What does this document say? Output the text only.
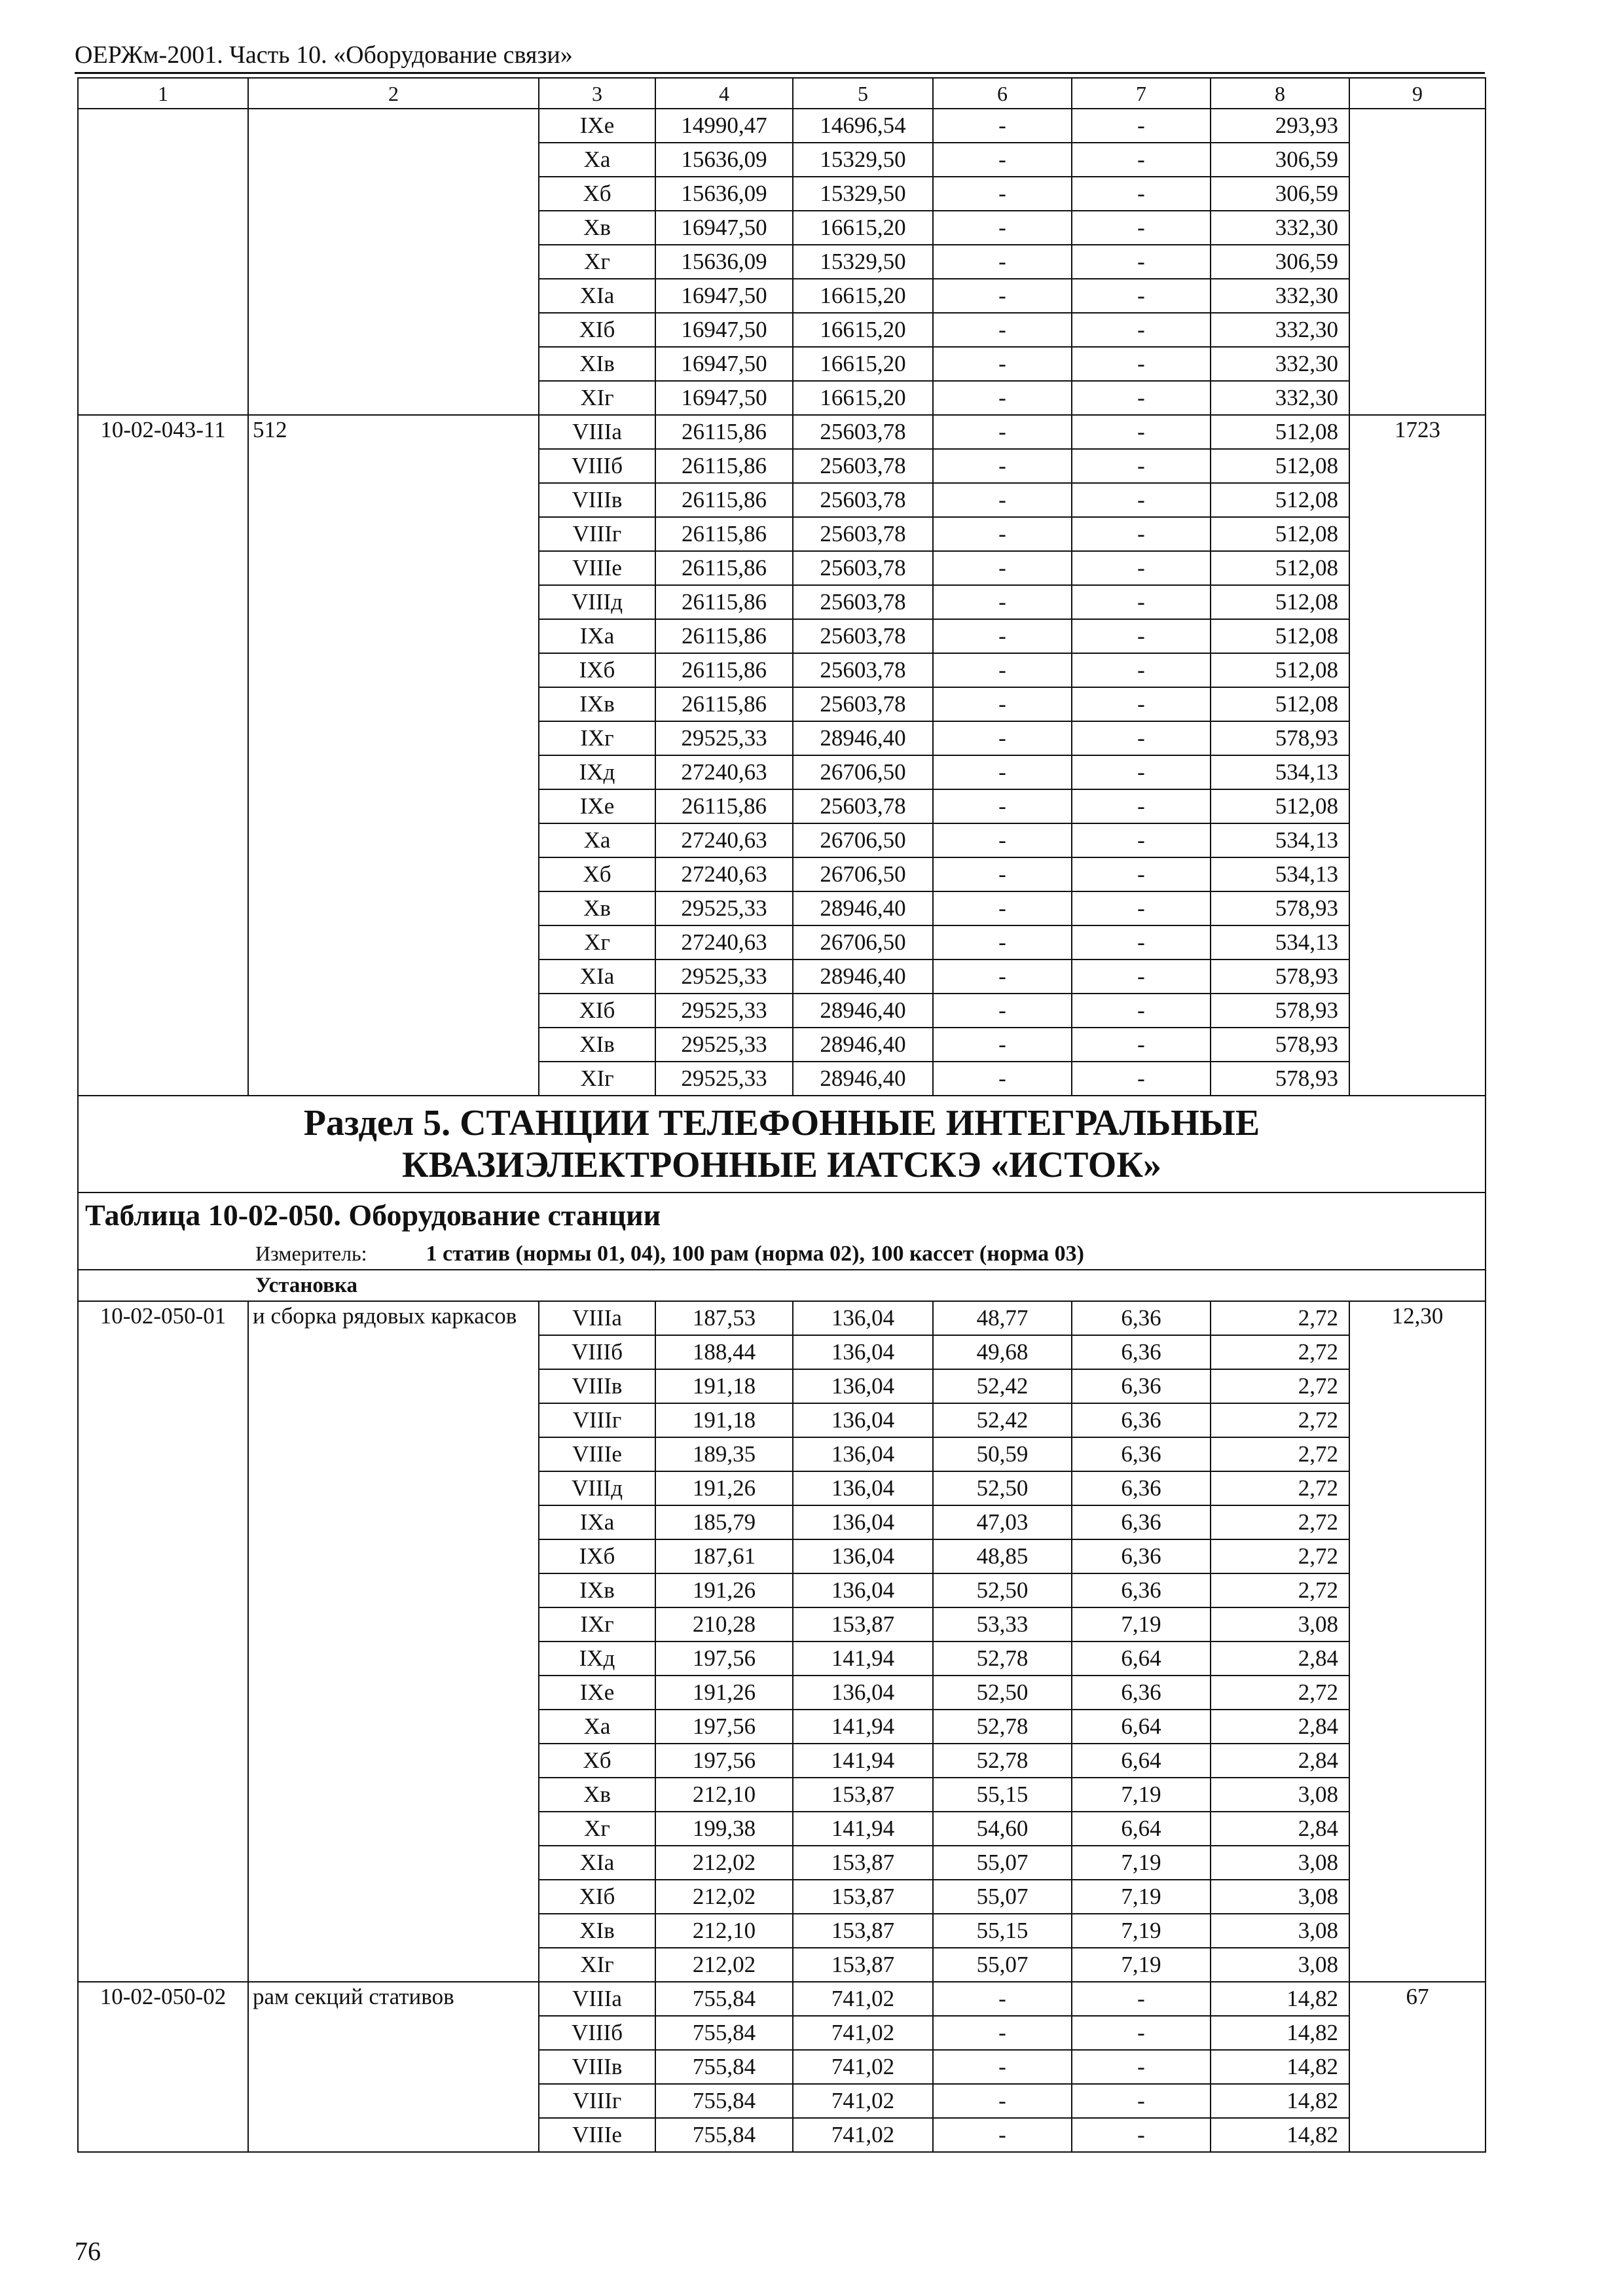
ОЕРЖм-2001. Часть 10. «Оборудование связи»
1	2	3	4	5	6	7	8	9
		IXе	14990,47	14696,54	-	-	293,93	
		Xа	15636,09	15329,50	-	-	306,59	
		Xб	15636,09	15329,50	-	-	306,59	
		Xв	16947,50	16615,20	-	-	332,30	
		Xг	15636,09	15329,50	-	-	306,59	
		XIа	16947,50	16615,20	-	-	332,30	
		XIб	16947,50	16615,20	-	-	332,30	
		XIв	16947,50	16615,20	-	-	332,30	
		XIг	16947,50	16615,20	-	-	332,30	
10-02-043-11	512	VIIIа	26115,86	25603,78	-	-	512,08	1723
		VIIIб	26115,86	25603,78	-	-	512,08	
		VIIIв	26115,86	25603,78	-	-	512,08	
		VIIIг	26115,86	25603,78	-	-	512,08	
		VIIIе	26115,86	25603,78	-	-	512,08	
		VIIIд	26115,86	25603,78	-	-	512,08	
		IXа	26115,86	25603,78	-	-	512,08	
		IXб	26115,86	25603,78	-	-	512,08	
		IXв	26115,86	25603,78	-	-	512,08	
		IXг	29525,33	28946,40	-	-	578,93	
		IXд	27240,63	26706,50	-	-	534,13	
		IXе	26115,86	25603,78	-	-	512,08	
		Xа	27240,63	26706,50	-	-	534,13	
		Xб	27240,63	26706,50	-	-	534,13	
		Xв	29525,33	28946,40	-	-	578,93	
		Xг	27240,63	26706,50	-	-	534,13	
		XIа	29525,33	28946,40	-	-	578,93	
		XIб	29525,33	28946,40	-	-	578,93	
		XIв	29525,33	28946,40	-	-	578,93	
		XIг	29525,33	28946,40	-	-	578,93	

Раздел 5. СТАНЦИИ ТЕЛЕФОННЫЕ ИНТЕГРАЛЬНЫЕ
КВАЗИЭЛЕКТРОННЫЕ ИАТСКЭ «ИСТОК»								

Таблица 10-02-050. Оборудование станции								
Измеритель: 1 статив (нормы 01, 04), 100 рам (норма 02), 100 кассет (норма 03)								
Установка								
10-02-050-01	и сборка рядовых каркасов	VIIIа	187,53	136,04	48,77	6,36	2,72	12,30
		VIIIб	188,44	136,04	49,68	6,36	2,72	
		VIIIв	191,18	136,04	52,42	6,36	2,72	
		VIIIг	191,18	136,04	52,42	6,36	2,72	
		VIIIе	189,35	136,04	50,59	6,36	2,72	
		VIIIд	191,26	136,04	52,50	6,36	2,72	
		IXа	185,79	136,04	47,03	6,36	2,72	
		IXб	187,61	136,04	48,85	6,36	2,72	
		IXв	191,26	136,04	52,50	6,36	2,72	
		IXг	210,28	153,87	53,33	7,19	3,08	
		IXд	197,56	141,94	52,78	6,64	2,84	
		IXе	191,26	136,04	52,50	6,36	2,72	
		Xа	197,56	141,94	52,78	6,64	2,84	
		Xб	197,56	141,94	52,78	6,64	2,84	
		Xв	212,10	153,87	55,15	7,19	3,08	
		Xг	199,38	141,94	54,60	6,64	2,84	
		XIа	212,02	153,87	55,07	7,19	3,08	
		XIб	212,02	153,87	55,07	7,19	3,08	
		XIв	212,10	153,87	55,15	7,19	3,08	
		XIг	212,02	153,87	55,07	7,19	3,08	
10-02-050-02	рам секций стативов	VIIIа	755,84	741,02	-	-	14,82	67
		VIIIб	755,84	741,02	-	-	14,82	
		VIIIв	755,84	741,02	-	-	14,82	
		VIIIг	755,84	741,02	-	-	14,82	
		VIIIе	755,84	741,02	-	-	14,82	
76
